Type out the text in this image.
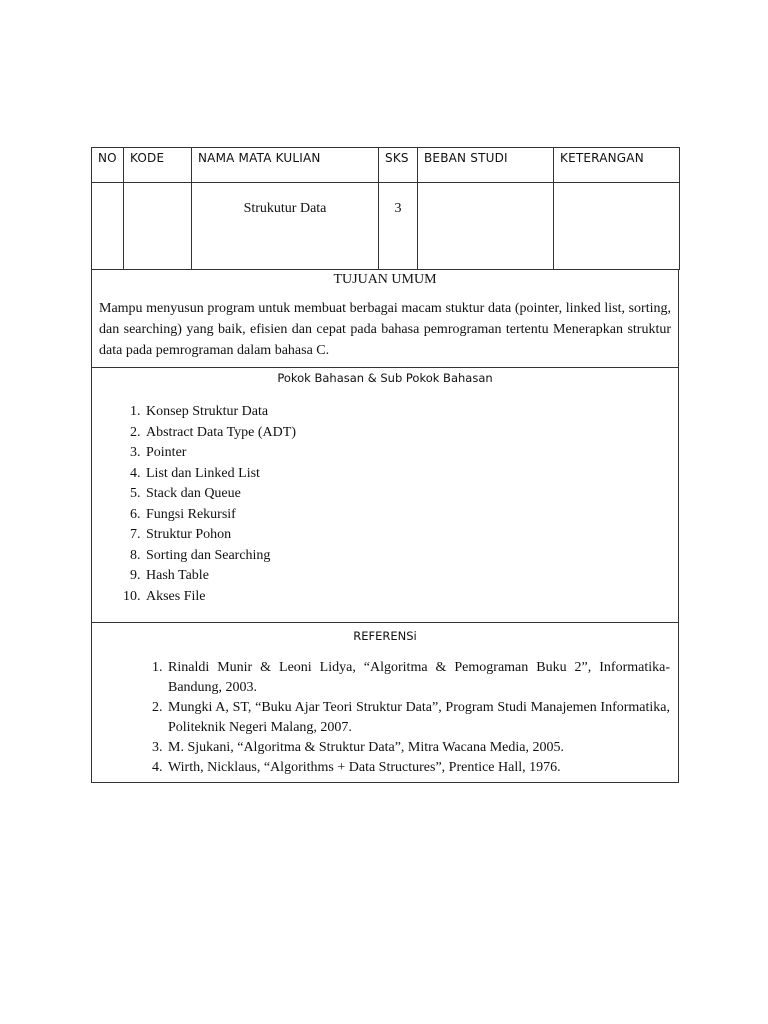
NO	KODE	NAMA MATA KULIAN	SKS	BEBAN STUDI	KETERANGAN
		Strukutur Data	3		
TUJUAN UMUM

Mampu menyusun program untuk membuat berbagai macam stuktur data (pointer, linked list, sorting, dan searching) yang baik, efisien dan cepat pada bahasa pemrograman tertentu Menerapkan struktur data pada pemrograman dalam bahasa C.

Pokok Bahasan & Sub Pokok Bahasan
1. Konsep Struktur Data
2. Abstract Data Type (ADT)
3. Pointer
4. List dan Linked List
5. Stack dan Queue
6. Fungsi Rekursif
7. Struktur Pohon
8. Sorting dan Searching
9. Hash Table
10. Akses File
REFERENSi
1. Rinaldi Munir & Leoni Lidya, “Algoritma & Pemograman Buku 2”, Informatika-Bandung, 2003.
2. Mungki A, ST, “Buku Ajar Teori Struktur Data”, Program Studi Manajemen Informatika, Politeknik Negeri Malang, 2007.
3. M. Sjukani, “Algoritma & Struktur Data”, Mitra Wacana Media, 2005.
4. Wirth, Nicklaus, “Algorithms + Data Structures”, Prentice Hall, 1976.
